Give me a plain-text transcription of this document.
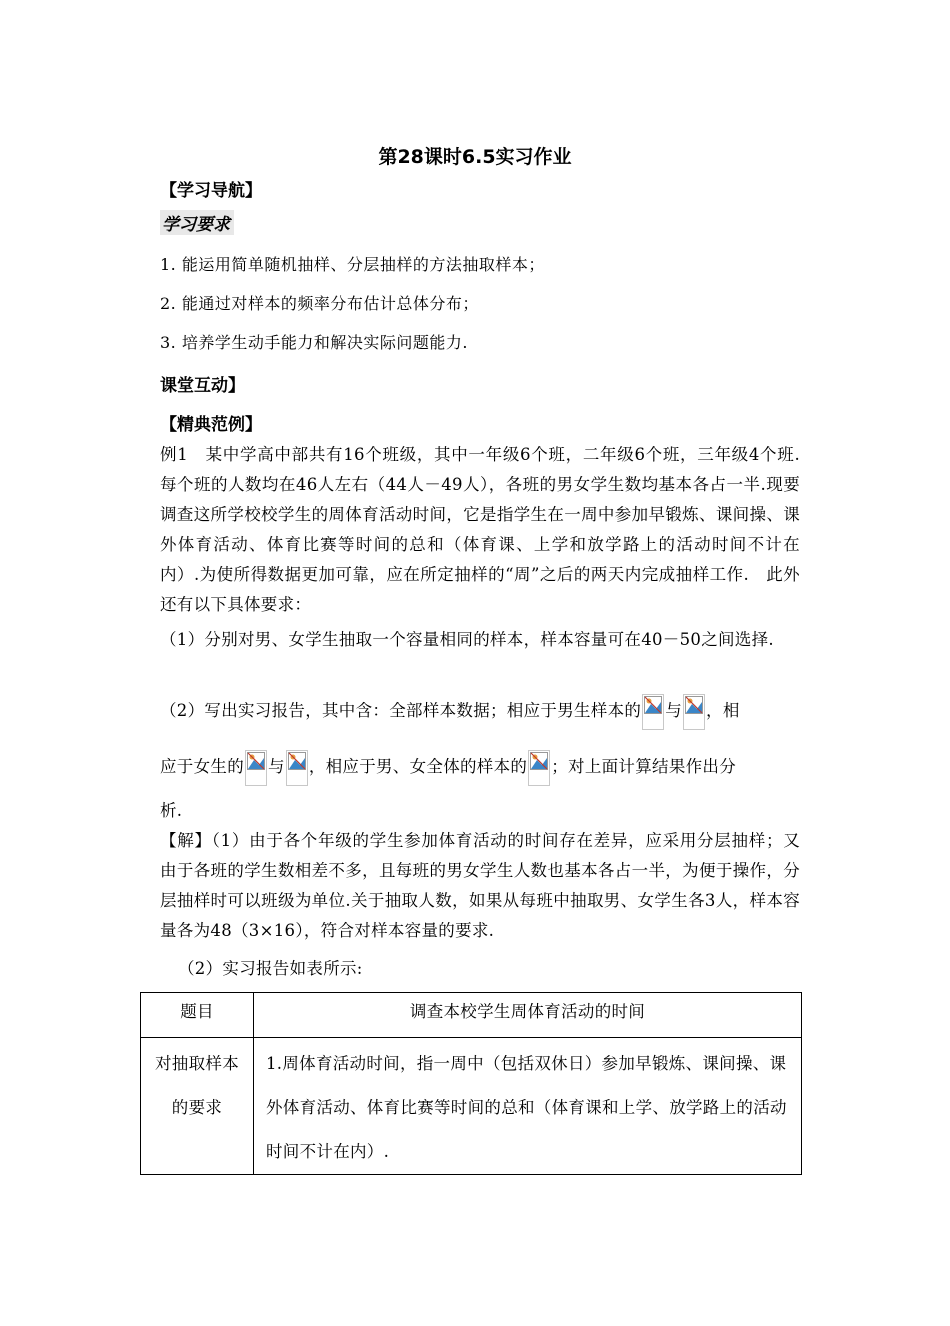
第28课时6.5实习作业
【学习导航】
学习要求
1. 能运用简单随机抽样、分层抽样的方法抽取样本；
2. 能通过对样本的频率分布估计总体分布；
3. 培养学生动手能力和解决实际问题能力.
课堂互动】
【精典范例】
例1　某中学高中部共有16个班级，其中一年级6个班，二年级6个班，三年级4个班.每个班的人数均在46人左右（44人－49人），各班的男女学生数均基本各占一半.现要调查这所学校校学生的周体育活动时间，它是指学生在一周中参加早锻炼、课间操、课外体育活动、体育比赛等时间的总和（体育课、上学和放学路上的活动时间不计在内）.为使所得数据更加可靠，应在所定抽样的“周”之后的两天内完成抽样工作.　此外还有以下具体要求：
（1）分别对男、女学生抽取一个容量相同的样本，样本容量可在40－50之间选择.
（2）写出实习报告，其中含：全部样本数据；相应于男生样本的 与 ，相
应于女生的 与 ，相应于男、女全体的样本的 ；对上面计算结果作出分
析.
【解】（1）由于各个年级的学生参加体育活动的时间存在差异，应采用分层抽样；又由于各班的学生数相差不多，且每班的男女学生人数也基本各占一半，为便于操作，分层抽样时可以班级为单位.关于抽取人数，如果从每班中抽取男、女学生各3人，样本容量各为48（3×16），符合对样本容量的要求.
（2）实习报告如表所示:
题目	调查本校学生周体育活动的时间
对抽取样本的要求	1.周体育活动时间，指一周中（包括双休日）参加早锻炼、课间操、课外体育活动、体育比赛等时间的总和（体育课和上学、放学路上的活动时间不计在内）.
